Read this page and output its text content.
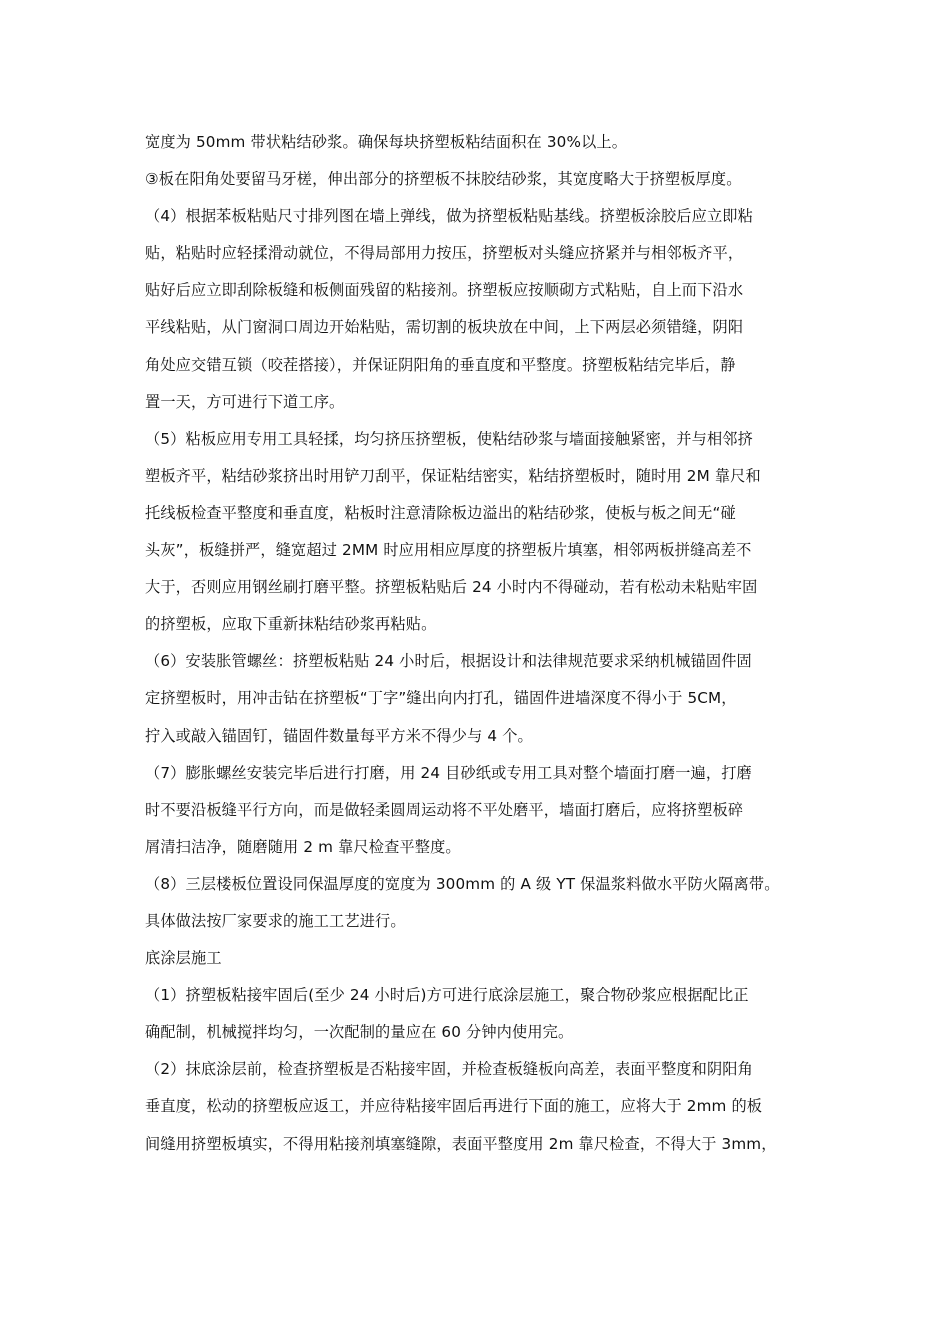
宽度为 50mm 带状粘结砂浆。确保每块挤塑板粘结面积在 30%以上。
③板在阳角处要留马牙槎，伸出部分的挤塑板不抹胶结砂浆，其宽度略大于挤塑板厚度。
（4）根据苯板粘贴尺寸排列图在墙上弹线，做为挤塑板粘贴基线。挤塑板涂胶后应立即粘
贴，粘贴时应轻揉滑动就位，不得局部用力按压，挤塑板对头缝应挤紧并与相邻板齐平，
贴好后应立即刮除板缝和板侧面残留的粘接剂。挤塑板应按顺砌方式粘贴，自上而下沿水
平线粘贴，从门窗洞口周边开始粘贴，需切割的板块放在中间，上下两层必须错缝，阴阳
角处应交错互锁（咬茬搭接），并保证阴阳角的垂直度和平整度。挤塑板粘结完毕后，静
置一天，方可进行下道工序。
（5）粘板应用专用工具轻揉，均匀挤压挤塑板，使粘结砂浆与墙面接触紧密，并与相邻挤
塑板齐平，粘结砂浆挤出时用铲刀刮平，保证粘结密实，粘结挤塑板时，随时用 2M 靠尺和
托线板检查平整度和垂直度，粘板时注意清除板边溢出的粘结砂浆，使板与板之间无“碰
头灰”，板缝拼严，缝宽超过 2MM 时应用相应厚度的挤塑板片填塞，相邻两板拼缝高差不
大于，否则应用钢丝刷打磨平整。挤塑板粘贴后 24 小时内不得碰动，若有松动未粘贴牢固
的挤塑板，应取下重新抹粘结砂浆再粘贴。
（6）安装胀管螺丝：挤塑板粘贴 24 小时后，根据设计和法律规范要求采纳机械锚固件固
定挤塑板时，用冲击钻在挤塑板“丁字”缝出向内打孔，锚固件进墙深度不得小于 5CM，
拧入或敲入锚固钉，锚固件数量每平方米不得少与 4 个。
（7）膨胀螺丝安装完毕后进行打磨，用 24 目砂纸或专用工具对整个墙面打磨一遍，打磨
时不要沿板缝平行方向，而是做轻柔圆周运动将不平处磨平，墙面打磨后，应将挤塑板碎
屑清扫洁净，随磨随用 2 m 靠尺检查平整度。
（8）三层楼板位置设同保温厚度的宽度为 300mm 的 A 级 YT 保温浆料做水平防火隔离带。
具体做法按厂家要求的施工工艺进行。
底涂层施工
（1）挤塑板粘接牢固后(至少 24 小时后)方可进行底涂层施工，聚合物砂浆应根据配比正
确配制，机械搅拌均匀，一次配制的量应在 60 分钟内使用完。
（2）抹底涂层前，检查挤塑板是否粘接牢固，并检查板缝板向高差，表面平整度和阴阳角
垂直度，松动的挤塑板应返工，并应待粘接牢固后再进行下面的施工，应将大于 2mm 的板
间缝用挤塑板填实，不得用粘接剂填塞缝隙，表面平整度用 2m 靠尺检查，不得大于 3mm，
